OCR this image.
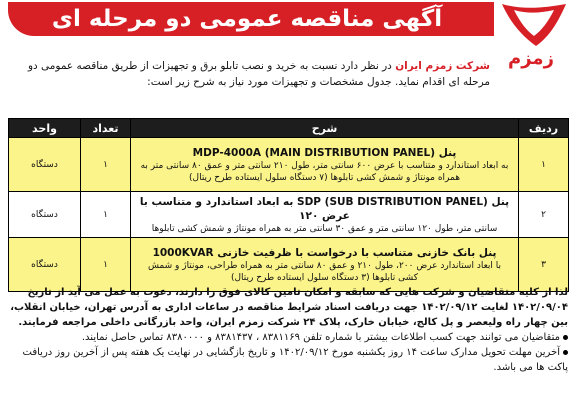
آگهی مناقصه عمومی دو مرحله ای
زمزم
شرکت زمزم ایران در نظر دارد نسبت به خرید و نصب تابلو برق و تجهیزات از طریق مناقصه عمومی دو مرحله ای اقدام نماید. جدول مشخصات و تجهیزات مورد نیاز به شرح زیر است:
ردیف	شرح	تعداد	واحد
۱	پنل (MDP-4000A (MAIN DISTRIBUTION PANEL
به ابعاد استاندارد و متناسب با عرض ۶۰۰ سانتی متر، طول ۲۱۰ سانتی متر و عمق ۸۰ سانتی متر به همراه مونتاژ و شمش کشی تابلوها (۷ دستگاه سلول ایستاده طرح ریتال)	۱	دستگاه
۲	پنل (SDP (SUB DISTRIBUTION PANEL به ابعاد استاندارد و متناسب با عرض ۱۲۰
سانتی متر، طول ۱۲۰ سانتی متر و عمق ۳۰ سانتی متر به همراه مونتاژ و شمش کشی تابلوها	۱	دستگاه
۳	پنل بانک خازنی متناسب با درخواست با ظرفیت خازنی 1000KVAR
با ابعاد استاندارد عرض ۲۰۰، طول ۲۱۰ و عمق ۸۰ سانتی متر به همراه طراحی، مونتاژ و شمش کشی تابلوها (۳ دستگاه سلول ایستاده طرح ریتال)	۱	دستگاه

لذا از کلیه متقاضیان و شرکت هایی که سابقه و امکان تامین کالای فوق را دارند، دعوت به عمل می آید از تاریخ ۱۴۰۲/۰۹/۰۴ لغایت ۱۴۰۲/۰۹/۱۲ جهت دریافت اسناد شرایط مناقصه در ساعات اداری به آدرس تهران، خیابان انقلاب، بین چهار راه ولیعصر و پل کالج، خیابان خارک، پلاک ۲۴ شرکت زمزم ایران، واحد بازرگانی داخلی مراجعه فرمایند.

متقاضیان می توانند جهت کسب اطلاعات بیشتر با شماره تلفن ۸۳۸۱۱۶۹ ، ۸۳۸۱۴۳۷ و ۸۳۸۰۰۰۰ تماس حاصل نمایند.

آخرین مهلت تحویل مدارک ساعت ۱۴ روز یکشنبه مورخ ۱۴۰۲/۰۹/۱۲ و تاریخ بازگشایی در نهایت یک هفته پس از آخرین روز دریافت پاکت ها می باشد.
